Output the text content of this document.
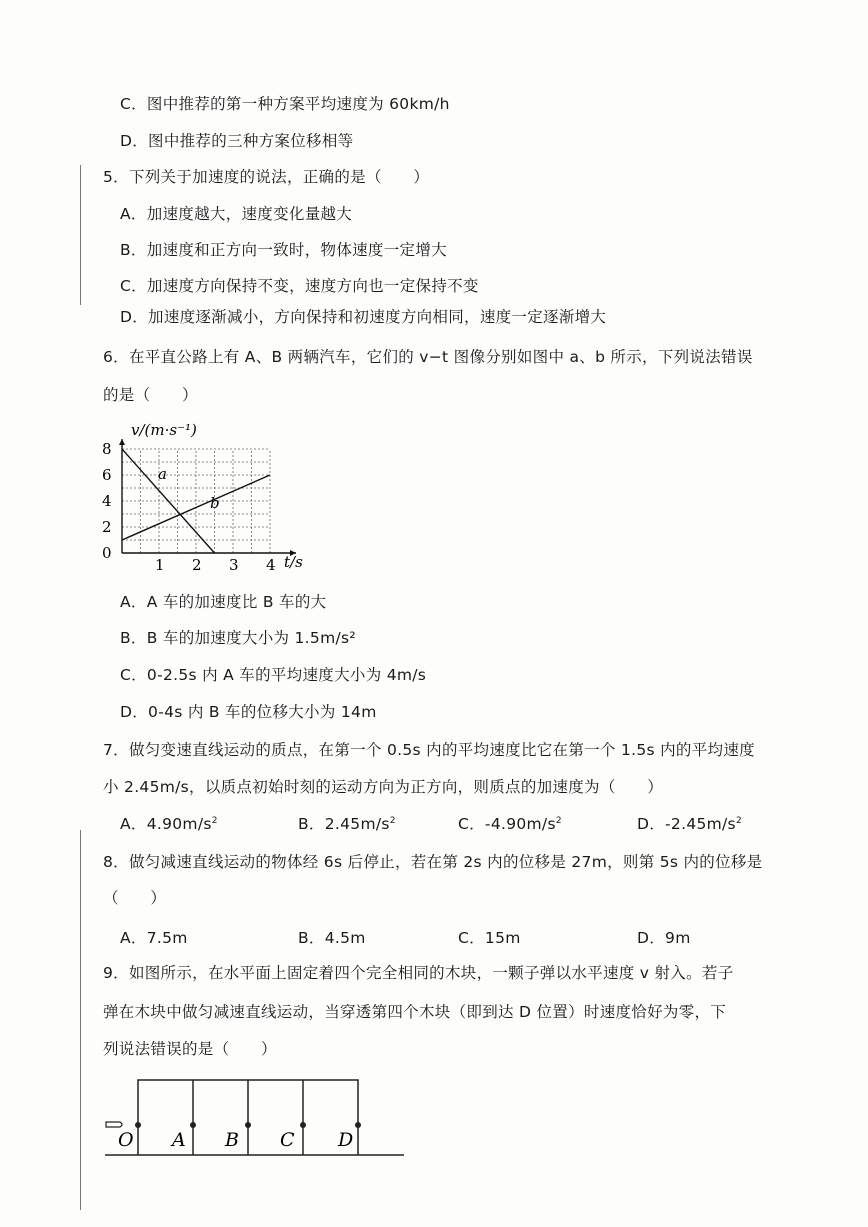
C．图中推荐的第一种方案平均速度为 60km/h
D．图中推荐的三种方案位移相等
5．下列关于加速度的说法，正确的是（　　）
A．加速度越大，速度变化量越大
B．加速度和正方向一致时，物体速度一定增大
C．加速度方向保持不变，速度方向也一定保持不变
D．加速度逐渐减小，方向保持和初速度方向相同，速度一定逐渐增大
6．在平直公路上有 A、B 两辆汽车，它们的 v−t 图像分别如图中 a、b 所示，下列说法错误
的是（　　）
1 2 3 4
0
2
4
6
8
v/(m·s⁻¹)
t/s
a
b
A．A 车的加速度比 B 车的大
B．B 车的加速度大小为 1.5m/s²
C．0-2.5s 内 A 车的平均速度大小为 4m/s
D．0-4s 内 B 车的位移大小为 14m
7．做匀变速直线运动的质点，在第一个 0.5s 内的平均速度比它在第一个 1.5s 内的平均速度
小 2.45m/s，以质点初始时刻的运动方向为正方向，则质点的加速度为（　　）
A．$4.90m/s^2$	B．$2.45m/s^2$	C．$-4.90m/s^2$	D．$-2.45m/s^2$
8．做匀减速直线运动的物体经 6s 后停止，若在第 2s 内的位移是 27m，则第 5s 内的位移是
（　　）
A．7.5m	B．4.5m	C．15m	D．9m
9．如图所示，在水平面上固定着四个完全相同的木块，一颗子弹以水平速度 v 射入。若子
弹在木块中做匀减速直线运动，当穿透第四个木块（即到达 D 位置）时速度恰好为零，下
列说法错误的是（　　）
O A B C D
